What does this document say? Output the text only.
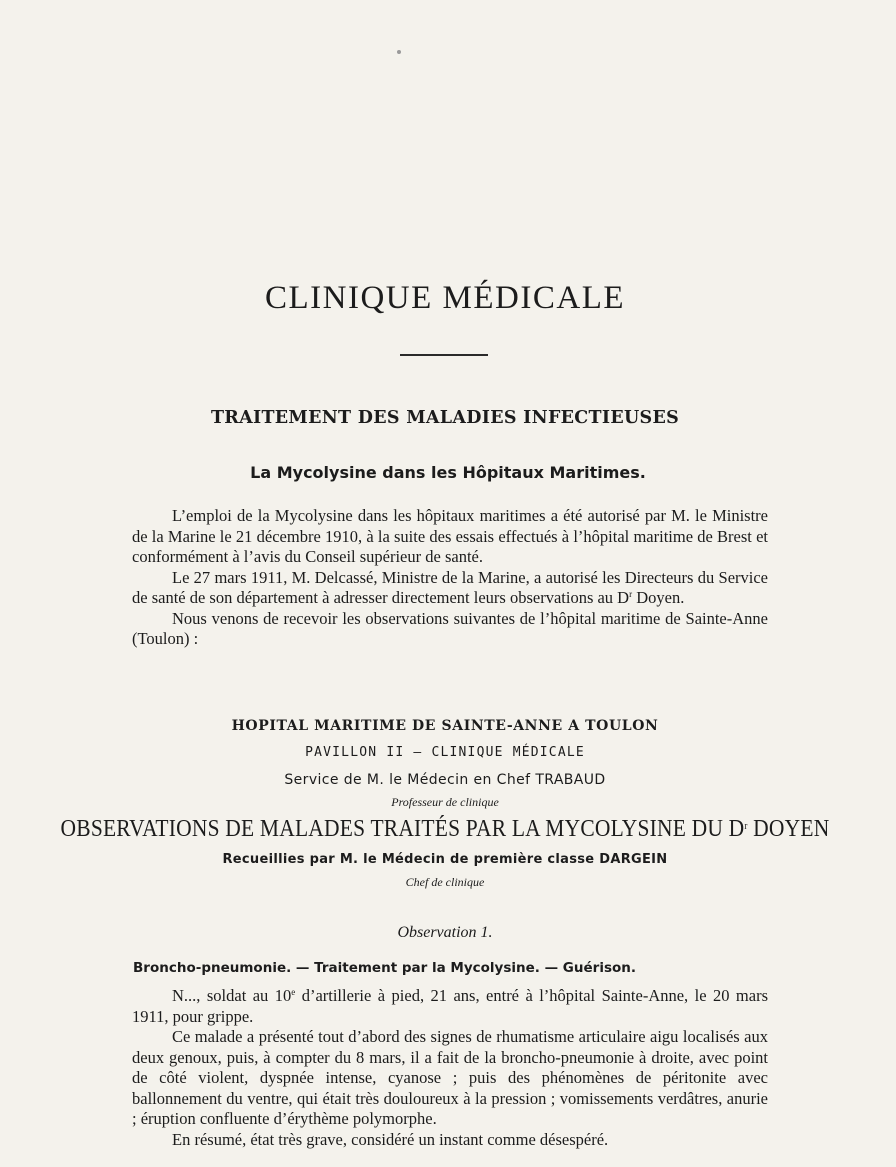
CLINIQUE MÉDICALE
TRAITEMENT DES MALADIES INFECTIEUSES
La Mycolysine dans les Hôpitaux Maritimes.

L’emploi de la Mycolysine dans les hôpitaux maritimes a été autorisé par M. le Ministre de la Marine le 21 décembre 1910, à la suite des essais effectués à l’hôpital maritime de Brest et conformément à l’avis du Conseil supérieur de santé.

Le 27 mars 1911, M. Delcassé, Ministre de la Marine, a autorisé les Directeurs du Service de santé de son département à adresser directement leurs observations au $D^r$ Doyen.

Nous venons de recevoir les observations suivantes de l’hôpital maritime de Sainte-Anne (Toulon) :

HOPITAL MARITIME DE SAINTE-ANNE A TOULON
PAVILLON II — CLINIQUE MÉDICALE
Service de M. le Médecin en Chef TRABAUD
Professeur de clinique
OBSERVATIONS DE MALADES TRAITÉS PAR LA MYCOLYSINE DU $D^r$ DOYEN
Recueillies par M. le Médecin de première classe DARGEIN
Chef de clinique
Observation 1.
Broncho-pneumonie. — Traitement par la Mycolysine. — Guérison.

N..., soldat au 10e d’artillerie à pied, 21 ans, entré à l’hôpital Sainte-Anne, le 20 mars 1911, pour grippe.

Ce malade a présenté tout d’abord des signes de rhumatisme articulaire aigu localisés aux deux genoux, puis, à compter du 8 mars, il a fait de la broncho-pneumonie à droite, avec point de côté violent, dyspnée intense, cyanose ; puis des phénomènes de péritonite avec ballonnement du ventre, qui était très douloureux à la pression ; vomissements verdâtres, anurie ; éruption confluente d’érythème polymorphe.

En résumé, état très grave, considéré un instant comme désespéré.
